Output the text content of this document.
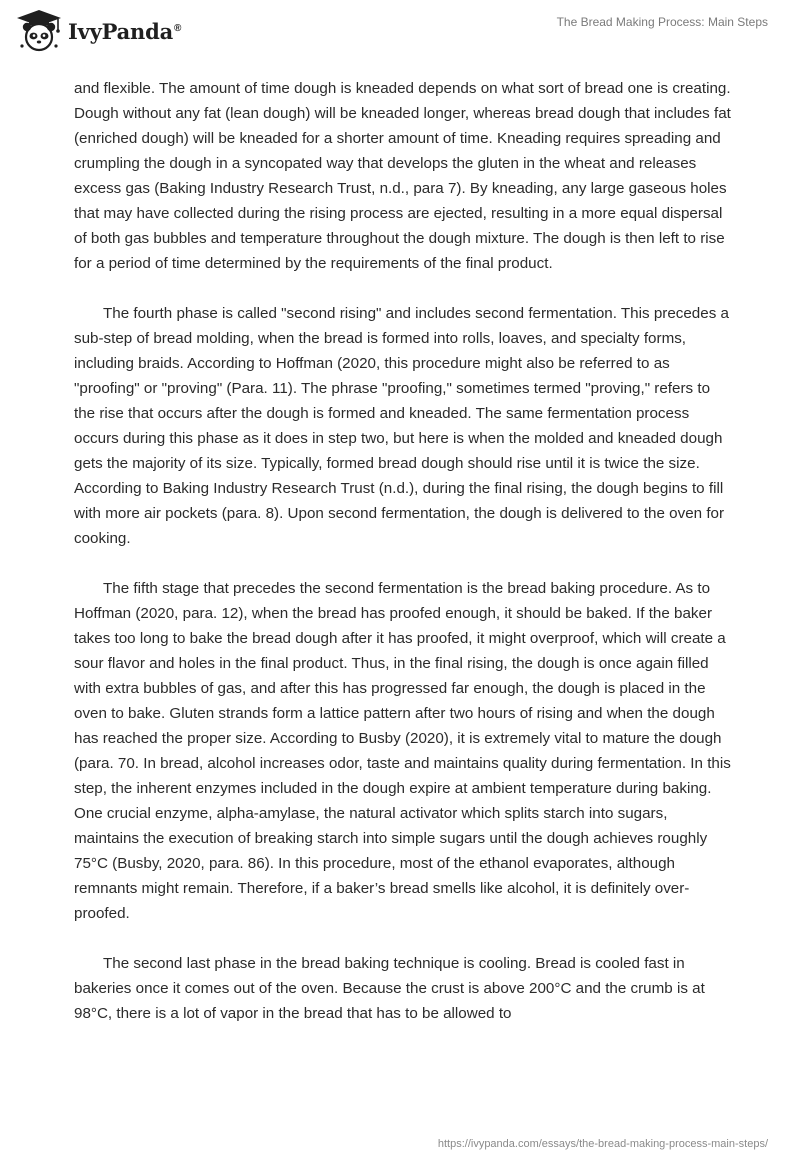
IvyPanda®	The Bread Making Process: Main Steps

and flexible. The amount of time dough is kneaded depends on what sort of bread one is creating. Dough without any fat (lean dough) will be kneaded longer, whereas bread dough that includes fat (enriched dough) will be kneaded for a shorter amount of time. Kneading requires spreading and crumpling the dough in a syncopated way that develops the gluten in the wheat and releases excess gas (Baking Industry Research Trust, n.d., para 7). By kneading, any large gaseous holes that may have collected during the rising process are ejected, resulting in a more equal dispersal of both gas bubbles and temperature throughout the dough mixture. The dough is then left to rise for a period of time determined by the requirements of the final product.

The fourth phase is called "second rising" and includes second fermentation. This precedes a sub-step of bread molding, when the bread is formed into rolls, loaves, and specialty forms, including braids. According to Hoffman (2020, this procedure might also be referred to as "proofing" or "proving" (Para. 11). The phrase "proofing," sometimes termed "proving," refers to the rise that occurs after the dough is formed and kneaded. The same fermentation process occurs during this phase as it does in step two, but here is when the molded and kneaded dough gets the majority of its size. Typically, formed bread dough should rise until it is twice the size. According to Baking Industry Research Trust (n.d.), during the final rising, the dough begins to fill with more air pockets (para. 8). Upon second fermentation, the dough is delivered to the oven for cooking.

The fifth stage that precedes the second fermentation is the bread baking procedure. As to Hoffman (2020, para. 12), when the bread has proofed enough, it should be baked. If the baker takes too long to bake the bread dough after it has proofed, it might overproof, which will create a sour flavor and holes in the final product. Thus, in the final rising, the dough is once again filled with extra bubbles of gas, and after this has progressed far enough, the dough is placed in the oven to bake. Gluten strands form a lattice pattern after two hours of rising and when the dough has reached the proper size. According to Busby (2020), it is extremely vital to mature the dough (para. 70. In bread, alcohol increases odor, taste and maintains quality during fermentation. In this step, the inherent enzymes included in the dough expire at ambient temperature during baking. One crucial enzyme, alpha-amylase, the natural activator which splits starch into sugars, maintains the execution of breaking starch into simple sugars until the dough achieves roughly 75°C (Busby, 2020, para. 86). In this procedure, most of the ethanol evaporates, although remnants might remain. Therefore, if a baker’s bread smells like alcohol, it is definitely over-proofed.

The second last phase in the bread baking technique is cooling. Bread is cooled fast in bakeries once it comes out of the oven. Because the crust is above 200°C and the crumb is at 98°C, there is a lot of vapor in the bread that has to be allowed to

https://ivypanda.com/essays/the-bread-making-process-main-steps/
